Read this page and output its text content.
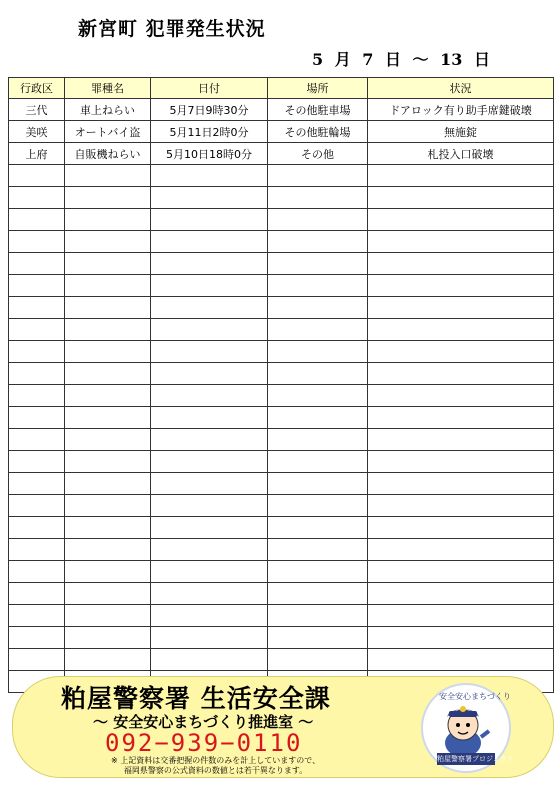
新宮町 犯罪発生状況
5 月 7 日 〜 13 日
行政区	罪種名	日付	場所	状況
三代	車上ねらい	5月7日9時30分	その他駐車場	ドアロック有り助手席鍵破壊
美咲	オートバイ盗	5月11日2時0分	その他駐輪場	無施錠
上府	自販機ねらい	5月10日18時0分	その他	札投入口破壊

粕屋警察署 生活安全課
〜 安全安心まちづくり推進室 〜
092−939−0110
※ 上記資料は交番把握の件数のみを計上していますので、
福岡県警察の公式資料の数値とは若干異なります。
安全安心まちづくり
粕屋警察署プロジェクト
